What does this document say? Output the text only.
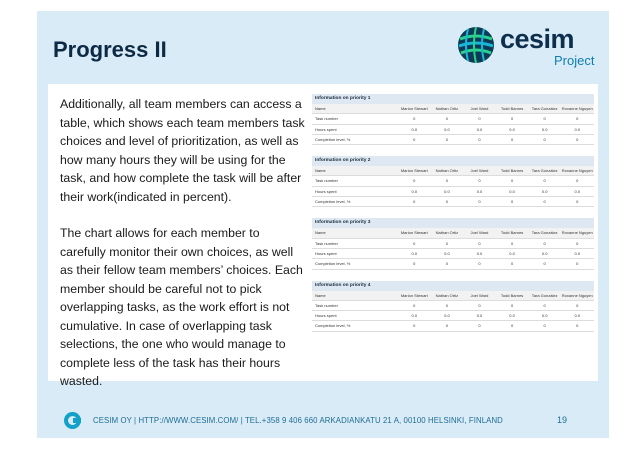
Progress II	cesim
Project

Additionally, all team members can access a table, which shows each team members task choices and level of prioritization, as well as how many hours they will be using for the task, and how complete the task will be after their work(indicated in percent).

The chart allows for each member to carefully monitor their own choices, as well as their fellow team members’ choices. Each member should be careful not to pick overlapping tasks, as the work effort is not cumulative. In case of overlapping task selections, the one who would manage to complete less of the task has their hours wasted.

Information on priority 1
Name	Marion Stewart	Nathan Ortiz	Joel Ward	Todd Barnes	Tara González	Roxanne Nguyen
Task number	0	0	0	0	0	0
Hours spent	0.0	0.0	0.0	0.0	0.0	0.0
Completion level, %	0	0	0	0	0	0
Information on priority 2
Name	Marion Stewart	Nathan Ortiz	Joel Ward	Todd Barnes	Tara González	Roxanne Nguyen
Task number	0	0	0	0	0	0
Hours spent	0.0	0.0	0.0	0.0	0.0	0.0
Completion level, %	0	0	0	0	0	0
Information on priority 3
Name	Marion Stewart	Nathan Ortiz	Joel Ward	Todd Barnes	Tara González	Roxanne Nguyen
Task number	0	0	0	0	0	0
Hours spent	0.0	0.0	0.0	0.0	0.0	0.0
Completion level, %	0	0	0	0	0	0
Information on priority 4
Name	Marion Stewart	Nathan Ortiz	Joel Ward	Todd Barnes	Tara González	Roxanne Nguyen
Task number	0	0	0	0	0	0
Hours spent	0.0	0.0	0.0	0.0	0.0	0.0
Completion level, %	0	0	0	0	0	0
CESIM OY | HTTP://WWW.CESIM.COM/ | TEL.+358 9 406 660 ARKADIANKATU 21 A, 00100 HELSINKI, FINLAND	19
